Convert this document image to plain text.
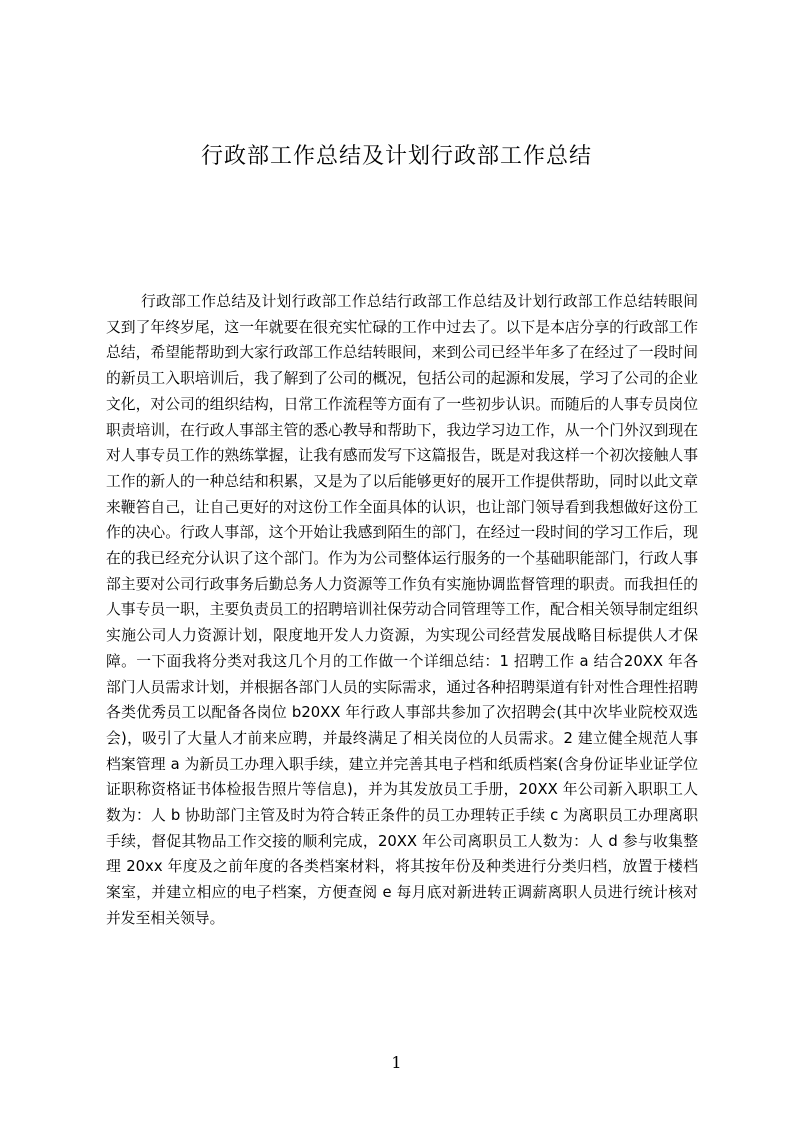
行政部工作总结及计划行政部工作总结

行政部工作总结及计划行政部工作总结行政部工作总结及计划行政部工作总结转眼间又到了年终岁尾，这一年就要在很充实忙碌的工作中过去了。以下是本店分享的行政部工作总结，希望能帮助到大家行政部工作总结转眼间，来到公司已经半年多了在经过了一段时间的新员工入职培训后，我了解到了公司的概况，包括公司的起源和发展，学习了公司的企业文化，对公司的组织结构，日常工作流程等方面有了一些初步认识。而随后的人事专员岗位职责培训，在行政人事部主管的悉心教导和帮助下，我边学习边工作，从一个门外汉到现在对人事专员工作的熟练掌握，让我有感而发写下这篇报告，既是对我这样一个初次接触人事工作的新人的一种总结和积累，又是为了以后能够更好的展开工作提供帮助，同时以此文章来鞭笞自己，让自己更好的对这份工作全面具体的认识，也让部门领导看到我想做好这份工作的决心。行政人事部，这个开始让我感到陌生的部门，在经过一段时间的学习工作后，现在的我已经充分认识了这个部门。作为为公司整体运行服务的一个基础职能部门，行政人事部主要对公司行政事务后勤总务人力资源等工作负有实施协调监督管理的职责。而我担任的人事专员一职，主要负责员工的招聘培训社保劳动合同管理等工作，配合相关领导制定组织实施公司人力资源计划，限度地开发人力资源，为实现公司经营发展战略目标提供人才保障。一下面我将分类对我这几个月的工作做一个详细总结：1 招聘工作 a 结合20XX 年各部门人员需求计划，并根据各部门人员的实际需求，通过各种招聘渠道有针对性合理性招聘各类优秀员工以配备各岗位 b20XX 年行政人事部共参加了次招聘会(其中次毕业院校双选会)，吸引了大量人才前来应聘，并最终满足了相关岗位的人员需求。2 建立健全规范人事档案管理 a 为新员工办理入职手续，建立并完善其电子档和纸质档案(含身份证毕业证学位证职称资格证书体检报告照片等信息)，并为其发放员工手册，20XX 年公司新入职职工人数为：人 b 协助部门主管及时为符合转正条件的员工办理转正手续 c 为离职员工办理离职手续，督促其物品工作交接的顺利完成，20XX 年公司离职员工人数为：人 d 参与收集整理 20xx 年度及之前年度的各类档案材料，将其按年份及种类进行分类归档，放置于楼档案室，并建立相应的电子档案，方便查阅 e 每月底对新进转正调薪离职人员进行统计核对并发至相关领导。

1
